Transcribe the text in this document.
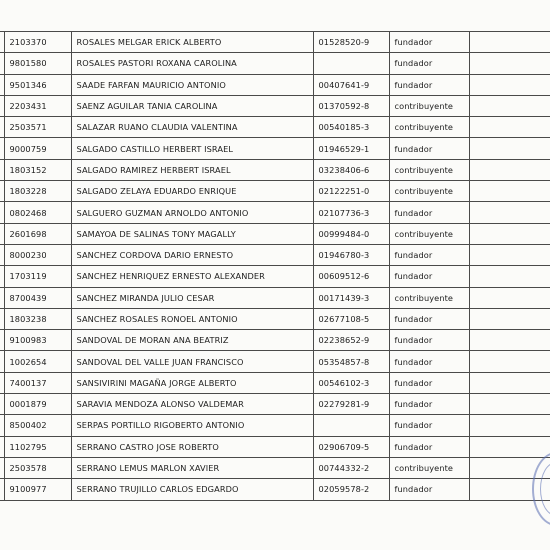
	2103370	ROSALES MELGAR ERICK ALBERTO	01528520-9	fundador	
	9801580	ROSALES PASTORI ROXANA CAROLINA		fundador	
	9501346	SAADE FARFAN MAURICIO ANTONIO	00407641-9	fundador	
	2203431	SAENZ AGUILAR TANIA CAROLINA	01370592-8	contribuyente	
	2503571	SALAZAR RUANO CLAUDIA VALENTINA	00540185-3	contribuyente	
	9000759	SALGADO CASTILLO HERBERT ISRAEL	01946529-1	fundador	
	1803152	SALGADO RAMIREZ HERBERT ISRAEL	03238406-6	contribuyente	
	1803228	SALGADO ZELAYA EDUARDO ENRIQUE	02122251-0	contribuyente	
	0802468	SALGUERO GUZMAN ARNOLDO ANTONIO	02107736-3	fundador	
	2601698	SAMAYOA DE SALINAS TONY MAGALLY	00999484-0	contribuyente	
	8000230	SANCHEZ CORDOVA DARIO ERNESTO	01946780-3	fundador	
	1703119	SANCHEZ HENRIQUEZ ERNESTO ALEXANDER	00609512-6	fundador	
	8700439	SANCHEZ MIRANDA JULIO CESAR	00171439-3	contribuyente	
	1803238	SANCHEZ ROSALES RONOEL ANTONIO	02677108-5	fundador	
	9100983	SANDOVAL DE MORAN ANA BEATRIZ	02238652-9	fundador	
	1002654	SANDOVAL DEL VALLE JUAN FRANCISCO	05354857-8	fundador	
	7400137	SANSIVIRINI MAGAÑA JORGE ALBERTO	00546102-3	fundador	
	0001879	SARAVIA MENDOZA ALONSO VALDEMAR	02279281-9	fundador	
	8500402	SERPAS PORTILLO RIGOBERTO ANTONIO		fundador	
	1102795	SERRANO CASTRO JOSE ROBERTO	02906709-5	fundador	
	2503578	SERRANO LEMUS MARLON XAVIER	00744332-2	contribuyente	
	9100977	SERRANO TRUJILLO CARLOS EDGARDO	02059578-2	fundador	
